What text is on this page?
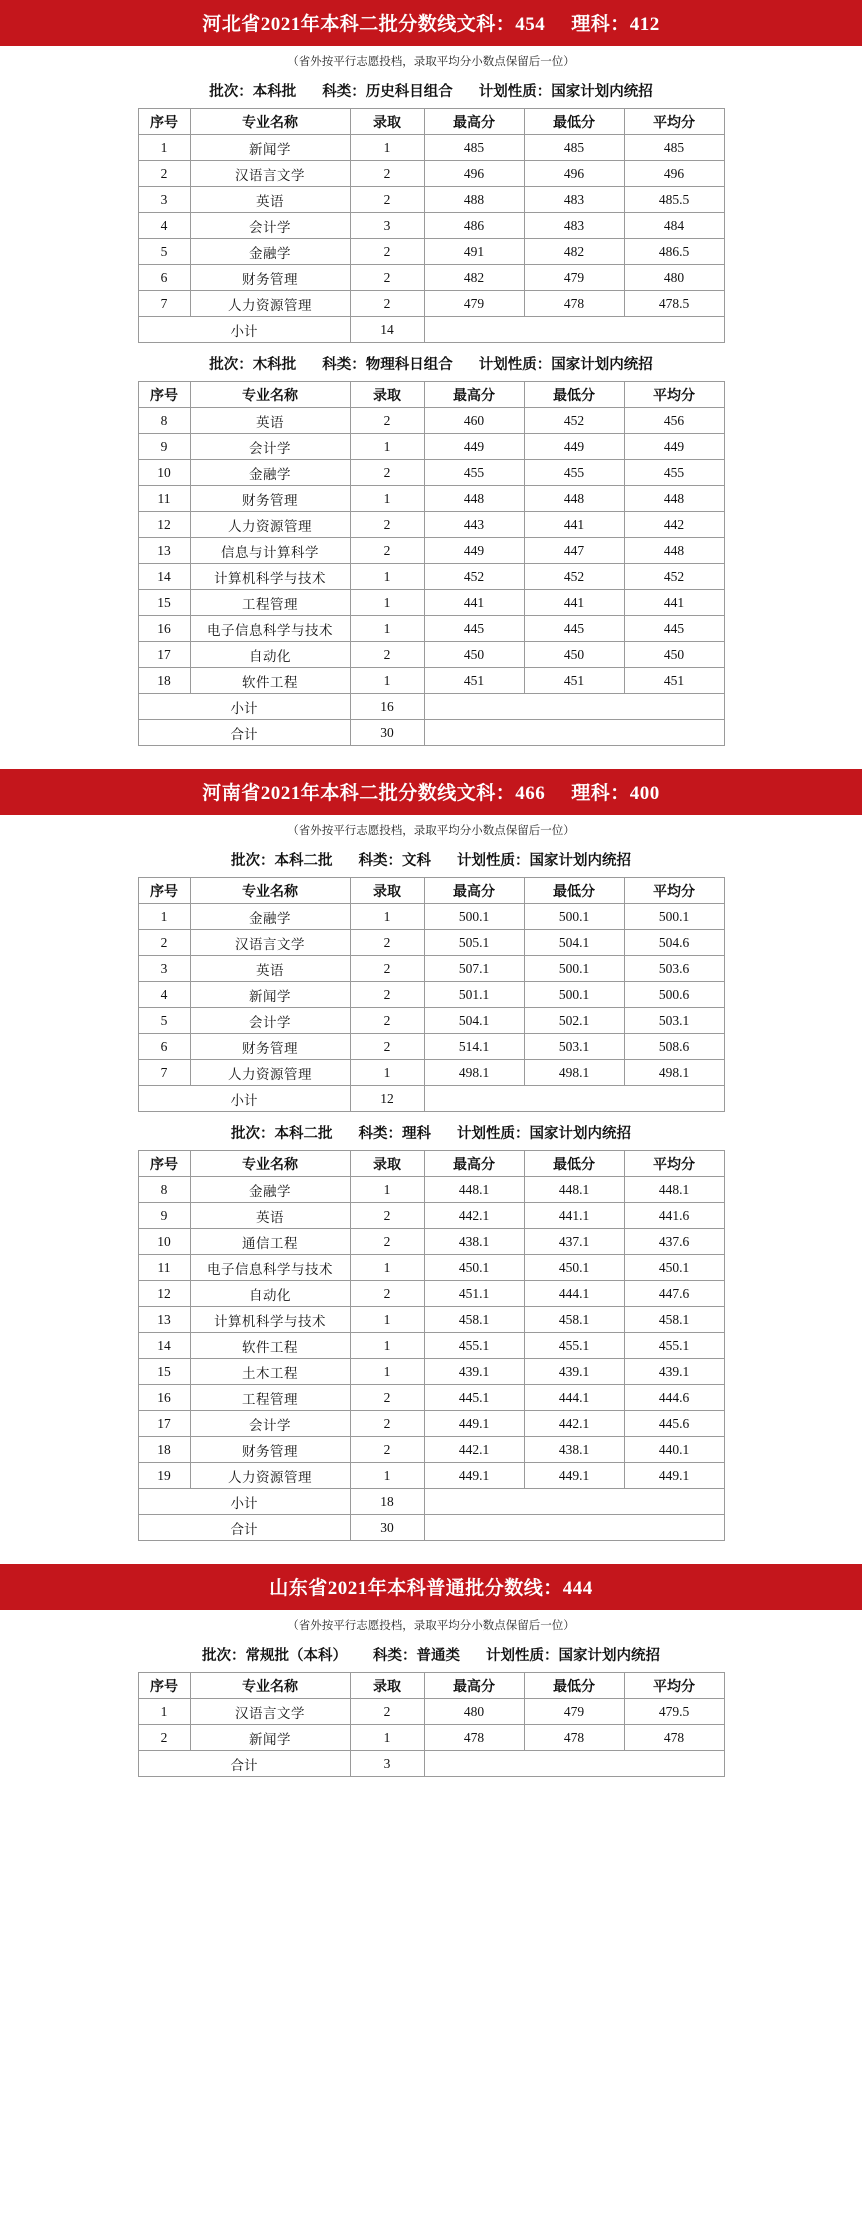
河北省2021年本科二批分数线文科：454 理科：412
（省外按平行志愿投档，录取平均分小数点保留后一位）
批次：本科批 科类：历史科目组合 计划性质：国家计划内统招
序号	专业名称	录取	最高分	最低分	平均分
1	新闻学	1	485	485	485
2	汉语言文学	2	496	496	496
3	英语	2	488	483	485.5
4	会计学	3	486	483	484
5	金融学	2	491	482	486.5
6	财务管理	2	482	479	480
7	人力资源管理	2	479	478	478.5
小计		14			
批次：木科批 科类：物理科日组合 计划性质：国家计划内统招
序号	专业名称	录取	最高分	最低分	平均分
8	英语	2	460	452	456
9	会计学	1	449	449	449
10	金融学	2	455	455	455
11	财务管理	1	448	448	448
12	人力资源管理	2	443	441	442
13	信息与计算科学	2	449	447	448
14	计算机科学与技术	1	452	452	452
15	工程管理	1	441	441	441
16	电子信息科学与技术	1	445	445	445
17	自动化	2	450	450	450
18	软件工程	1	451	451	451
小计		16			
合计		30			
河南省2021年本科二批分数线文科：466 理科：400
（省外按平行志愿投档，录取平均分小数点保留后一位）
批次：本科二批 科类：文科 计划性质：国家计划内统招
序号	专业名称	录取	最高分	最低分	平均分
1	金融学	1	500.1	500.1	500.1
2	汉语言文学	2	505.1	504.1	504.6
3	英语	2	507.1	500.1	503.6
4	新闻学	2	501.1	500.1	500.6
5	会计学	2	504.1	502.1	503.1
6	财务管理	2	514.1	503.1	508.6
7	人力资源管理	1	498.1	498.1	498.1
小计		12			
批次：本科二批 科类：理科 计划性质：国家计划内统招
序号	专业名称	录取	最高分	最低分	平均分
8	金融学	1	448.1	448.1	448.1
9	英语	2	442.1	441.1	441.6
10	通信工程	2	438.1	437.1	437.6
11	电子信息科学与技术	1	450.1	450.1	450.1
12	自动化	2	451.1	444.1	447.6
13	计算机科学与技术	1	458.1	458.1	458.1
14	软件工程	1	455.1	455.1	455.1
15	土木工程	1	439.1	439.1	439.1
16	工程管理	2	445.1	444.1	444.6
17	会计学	2	449.1	442.1	445.6
18	财务管理	2	442.1	438.1	440.1
19	人力资源管理	1	449.1	449.1	449.1
小计		18			
合计		30			
山东省2021年本科普通批分数线：444
（省外按平行志愿投档，录取平均分小数点保留后一位）
批次：常规批（本科） 科类：普通类 计划性质：国家计划内统招
序号	专业名称	录取	最高分	最低分	平均分
1	汉语言文学	2	480	479	479.5
2	新闻学	1	478	478	478
合计		3			
